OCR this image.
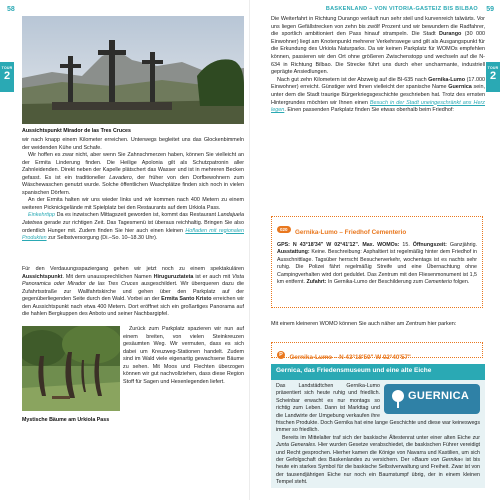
58	BASKENLAND – VON VITORIA-GASTEIZ BIS BILBAO 59
TOUR
2
TOUR
2
Aussichtspunkt Mirador de las Tres Cruces

wir nach knapp einem Kilometer erreichen. Unterwegs begleitet uns das Glockenbimmeln der weidenden Kühe und Schafe.

Wir hoffen es zwar nicht, aber wenn Sie Zahnschmerzen haben, können Sie vielleicht an der Ermita Linderung finden. Die Heilige Apolonia gilt als Schutzpatronin aller Zahnleidenden. Direkt neben der Kapelle plätschert das Wasser und ist in mehreren Becken gefasst. Es ist ein traditioneller Lavadero, der früher von den Dorfbewohnern zum Wäschewaschen genutzt wurde. Solche öffentlichen Waschplätze finden sich noch in vielen spanischen Dörfern.

An der Ermita halten wir uns wieder links und wir kommen nach 400 Metern zu einem weiteren Picknickgelände mit Spielplatz bei den Restaurants auf dem Urkiola Pass.

Einkehrtipp Da es inzwischen Mittagszeit geworden ist, kommt das Restaurant Landajuela Jatetxea gerade zur richtigen Zeit. Das Tagesmenü ist überaus reichhaltig. Bringen Sie also ordentlich Hunger mit. Zudem finden Sie hier auch einen kleinen Hofladen mit regionalen Produkten zur Selbstversorgung (Di.–So. 10–18.30 Uhr).

Für den Verdauungsspaziergang gehen wir jetzt noch zu einem spektakulären Aussichtspunkt. Mit dem unaussprechlichen Namen Hiruguruztateta ist er auch mit Vista Panoramica oder Mirador de las Tres Cruces ausgeschildert. Wir überqueren dazu die Zufahrtsstraße zur Wallfahrtskirche und gehen über den Parkplatz auf der gegenüberliegenden Seite durch den Wald. Vorbei an der Ermita Santo Kristo erreichen wir den Aussichtspunkt nach etwa 400 Metern. Dort eröffnet sich ein großartiges Panorama auf die hahlen Bergkuppen des Anboto und seiner Nachbargipfel.

Mystische Bäume am Urkiola Pass

Zurück zum Parkplatz spazieren wir nun auf einem breiten, von vielen Steinkreuzen gesäumten Weg. Wir vermuten, dass es sich dabei um Kreuzweg-Stationen handelt. Zudem sind im Wald viele eigenartig gewachsene Bäume zu sehen. Mit Moos und Flechten überzogen können wir gut nachvollziehen, dass diese Region Stoff für Sagen und Hexenlegenden liefert.

Die Weiterfahrt in Richtung Durango verläuft nun sehr steil und kurvenreich talwärts. Vor uns liegen Gefällstrecken von zehn bis zwölf Prozent und wir bewundern die Radfahrer, die sportlich ambitioniert den Pass hinauf strampeln. Die Stadt Durango (30 000 Einwohner) liegt am Knotenpunkt mehrerer Verkehrswege und gilt als Ausgangspunkt für die Erkundung des Urkiola Naturparks. Da wir keinen Parkplatz für WOMOs empfehlen können, passieren wir den Ort ohne größeren Zwischenstopp und wechseln auf die N-634 in Richtung Bilbao. Die Strecke führt uns durch eher uncharmante, industriell geprägte Ansiedlungen.

Nach gut zehn Kilometern ist der Abzweig auf die BI-635 nach Gernika-Lumo (17.000 Einwohner) erreicht. Günstiger wird Ihnen vielleicht der spanische Name Guernica sein, unter dem die Stadt traurige Bürgerkriegsgeschichte geschrieben hat. Trotz des ernsten Hintergrundes möchten wir Ihnen einen Besuch in der Stadt uneingeschränkt ans Herz legen. Einen passenden Parkplatz finden Sie etwas oberhalb beim Friedhof:

020 Gernika-Lumo – Friedhof Cementerio
GPS: N 43°18'34" W 02°41'12". Max. WOMOs: 15. Öffnungszeit: Ganzjährig. Ausstattung: Keine. Beschreibung: Asphaltiert ist regelmäßig hinter dem Friedhof in Ausschnittlage. Tagsüber herrscht Besucherverkehr, wochentags ist es nachts sehr ruhig. Die Polizei fährt regelmäßig Streife und eine Übernachtung ohne Campingverhalten wird dort geduldet. Das Zentrum mit den Fliesenmonument ist 1,5 km entfernt. Zufahrt: In Gernika-Lumo der Beschilderung zum Cementerio folgen.

Mit einem kleineren WOMO können Sie auch näher am Zentrum hier parken:

P Gernika-Lumo – N 43°18'50" W 02°40'57"
Gernica, das Friedensmuseum und eine alte Eiche
GUERNICA

Das Landstädtchen Gernika-Lumo präsentiert sich heute ruhig und friedlich. Scheinbar erwacht es nur montags so richtig zum Leben. Dann ist Markttag und die Landwirte der Umgebung verkaufen ihre frischen Produkte. Doch Gernika hat eine lange Geschichte und diese war keineswegs immer so friedlich.

Bereits im Mittelalter traf sich der baskische Ältestenrat unter einer alten Eiche zur Junta Generales. Hier wurden Gesetze verabschiedet, die baskischen Führer vereidigt und Recht gesprochen. Hierher kamen die Könige von Navarra und Kastilien, um sich der Gefolgschaft des Baskenlandes zu versichern. Der »Baum von Gernika« ist bis heute ein starkes Symbol für die baskische Selbstverwaltung und Freiheit. Zwar ist von der tausendjährigen Eiche nur noch ein Baumstumpf übrig, der in einem kleinen Tempel steht.
